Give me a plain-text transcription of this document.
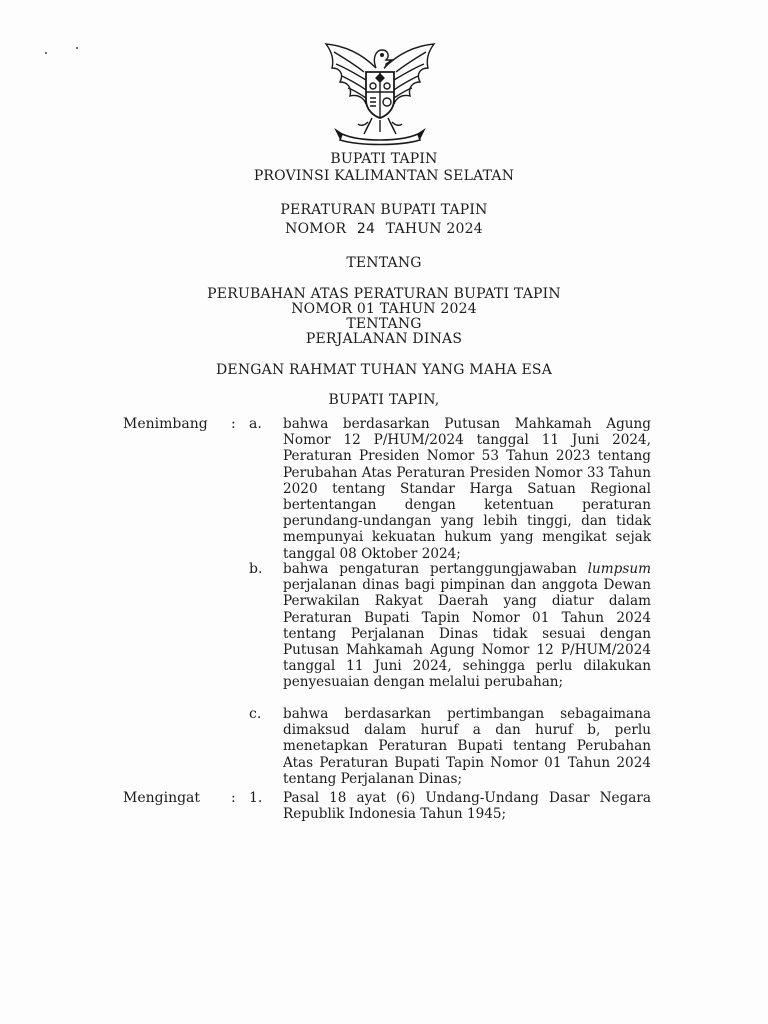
BUPATI TAPIN
PROVINSI KALIMANTAN SELATAN
PERATURAN BUPATI TAPIN
NOMOR 24 TAHUN 2024
TENTANG
PERUBAHAN ATAS PERATURAN BUPATI TAPIN
NOMOR 01 TAHUN 2024
TENTANG
PERJALANAN DINAS
DENGAN RAHMAT TUHAN YANG MAHA ESA
BUPATI TAPIN,
Menimbang : a. bahwa berdasarkan Putusan Mahkamah Agung Nomor 12 P/HUM/2024 tanggal 11 Juni 2024, Peraturan Presiden Nomor 53 Tahun 2023 tentang Perubahan Atas Peraturan Presiden Nomor 33 Tahun 2020 tentang Standar Harga Satuan Regional bertentangan dengan ketentuan peraturan perundang-undangan yang lebih tinggi, dan tidak mempunyai kekuatan hukum yang mengikat sejak tanggal 08 Oktober 2024;
b. bahwa pengaturan pertanggungjawaban lumpsum perjalanan dinas bagi pimpinan dan anggota Dewan Perwakilan Rakyat Daerah yang diatur dalam Peraturan Bupati Tapin Nomor 01 Tahun 2024 tentang Perjalanan Dinas tidak sesuai dengan Putusan Mahkamah Agung Nomor 12 P/HUM/2024 tanggal 11 Juni 2024, sehingga perlu dilakukan penyesuaian dengan melalui perubahan;
c. bahwa berdasarkan pertimbangan sebagaimana dimaksud dalam huruf a dan huruf b, perlu menetapkan Peraturan Bupati tentang Perubahan Atas Peraturan Bupati Tapin Nomor 01 Tahun 2024 tentang Perjalanan Dinas;
Mengingat : 1. Pasal 18 ayat (6) Undang-Undang Dasar Negara Republik Indonesia Tahun 1945;
